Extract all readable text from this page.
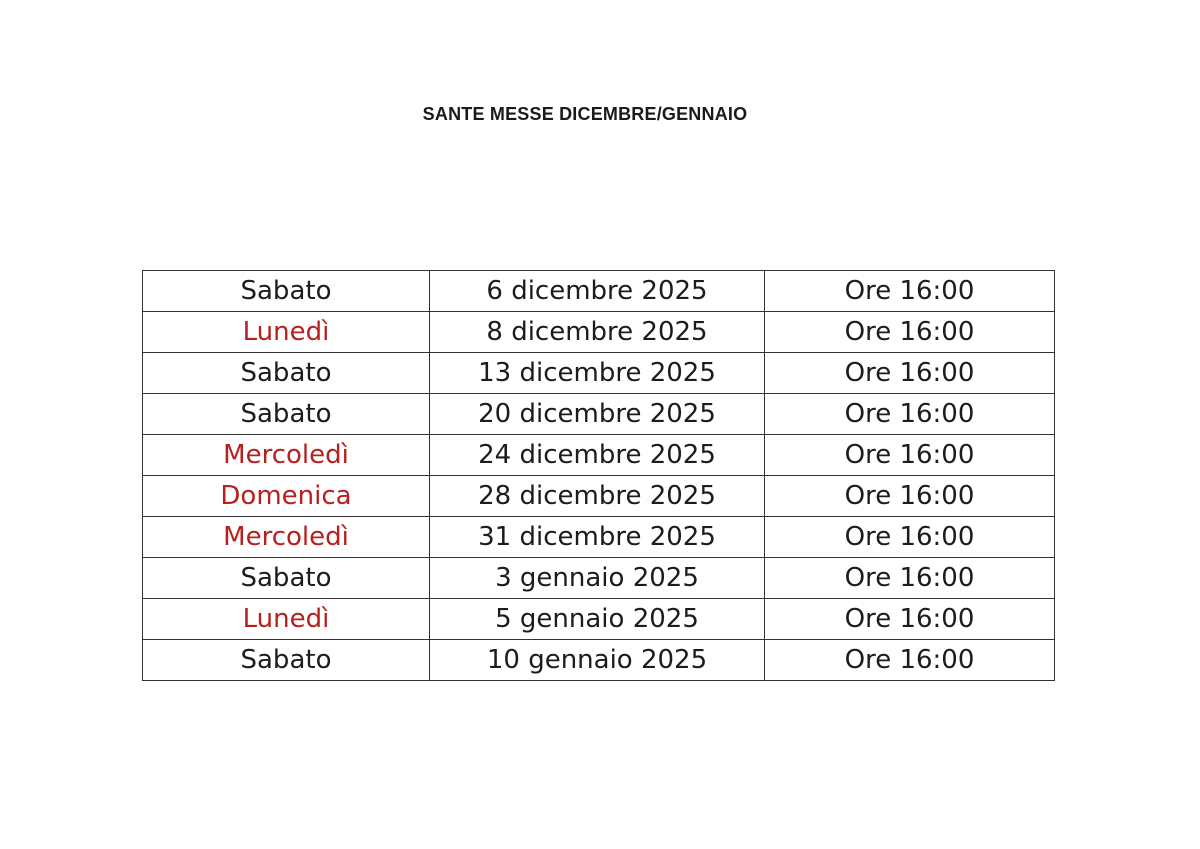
SANTE MESSE DICEMBRE/GENNAIO
Sabato	6 dicembre 2025	Ore 16:00
Lunedì	8 dicembre 2025	Ore 16:00
Sabato	13 dicembre 2025	Ore 16:00
Sabato	20 dicembre 2025	Ore 16:00
Mercoledì	24 dicembre 2025	Ore 16:00
Domenica	28 dicembre 2025	Ore 16:00
Mercoledì	31 dicembre 2025	Ore 16:00
Sabato	3 gennaio 2025	Ore 16:00
Lunedì	5 gennaio 2025	Ore 16:00
Sabato	10 gennaio 2025	Ore 16:00
